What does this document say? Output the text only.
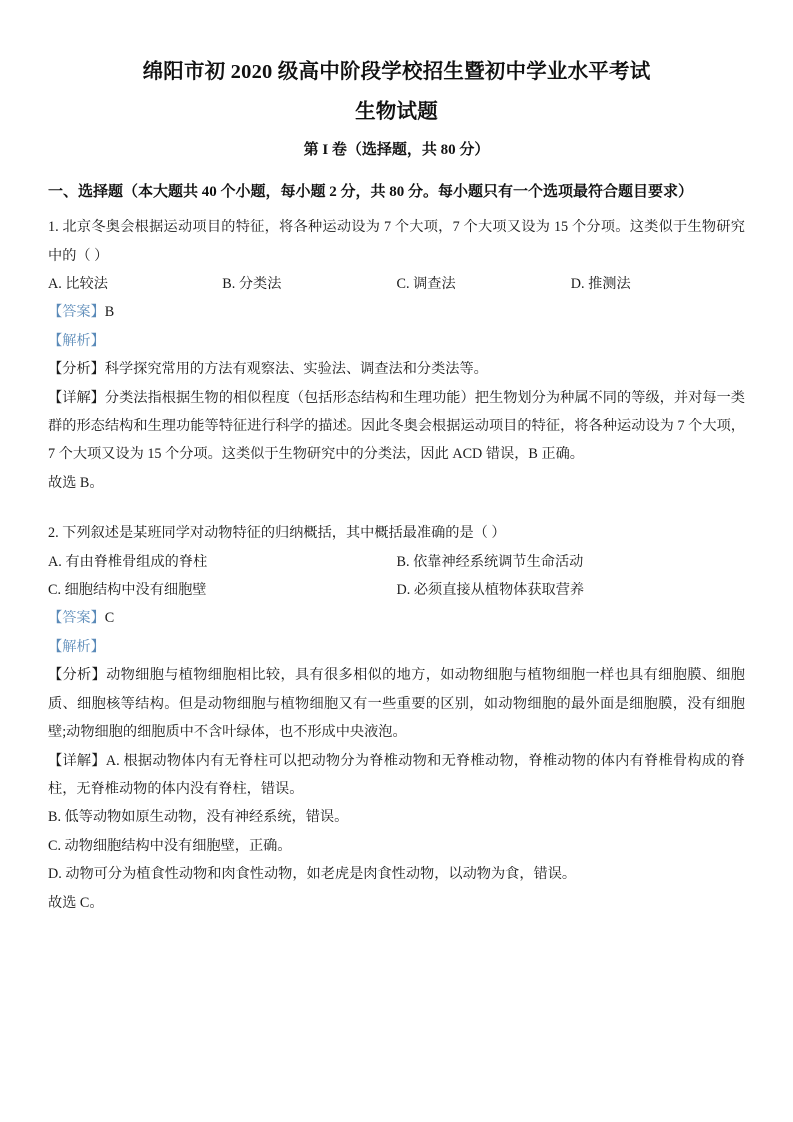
绵阳市初 2020 级高中阶段学校招生暨初中学业水平考试
生物试题
第 I 卷（选择题，共 80 分）
一、选择题（本大题共 40 个小题，每小题 2 分，共 80 分。每小题只有一个选项最符合题目要求）

1. 北京冬奥会根据运动项目的特征，将各种运动设为 7 个大项，7 个大项又设为 15 个分项。这类似于生物研究中的（ ）

A. 比较法	B. 分类法	C. 调查法	D. 推测法

【答案】B

【解析】

【分析】科学探究常用的方法有观察法、实验法、调查法和分类法等。

【详解】分类法指根据生物的相似程度（包括形态结构和生理功能）把生物划分为种属不同的等级，并对每一类群的形态结构和生理功能等特征进行科学的描述。因此冬奥会根据运动项目的特征，将各种运动设为 7 个大项，7 个大项又设为 15 个分项。这类似于生物研究中的分类法，因此 ACD 错误，B 正确。

故选 B。

2. 下列叙述是某班同学对动物特征的归纳概括，其中概括最准确的是（ ）

A. 有由脊椎骨组成的脊柱	B. 依靠神经系统调节生命活动
C. 细胞结构中没有细胞壁	D. 必须直接从植物体获取营养

【答案】C

【解析】

【分析】动物细胞与植物细胞相比较，具有很多相似的地方，如动物细胞与植物细胞一样也具有细胞膜、细胞质、细胞核等结构。但是动物细胞与植物细胞又有一些重要的区别，如动物细胞的最外面是细胞膜，没有细胞壁;动物细胞的细胞质中不含叶绿体，也不形成中央液泡。

【详解】A. 根据动物体内有无脊柱可以把动物分为脊椎动物和无脊椎动物，脊椎动物的体内有脊椎骨构成的脊柱，无脊椎动物的体内没有脊柱，错误。

B. 低等动物如原生动物，没有神经系统，错误。

C. 动物细胞结构中没有细胞壁，正确。

D. 动物可分为植食性动物和肉食性动物，如老虎是肉食性动物，以动物为食，错误。

故选 C。
